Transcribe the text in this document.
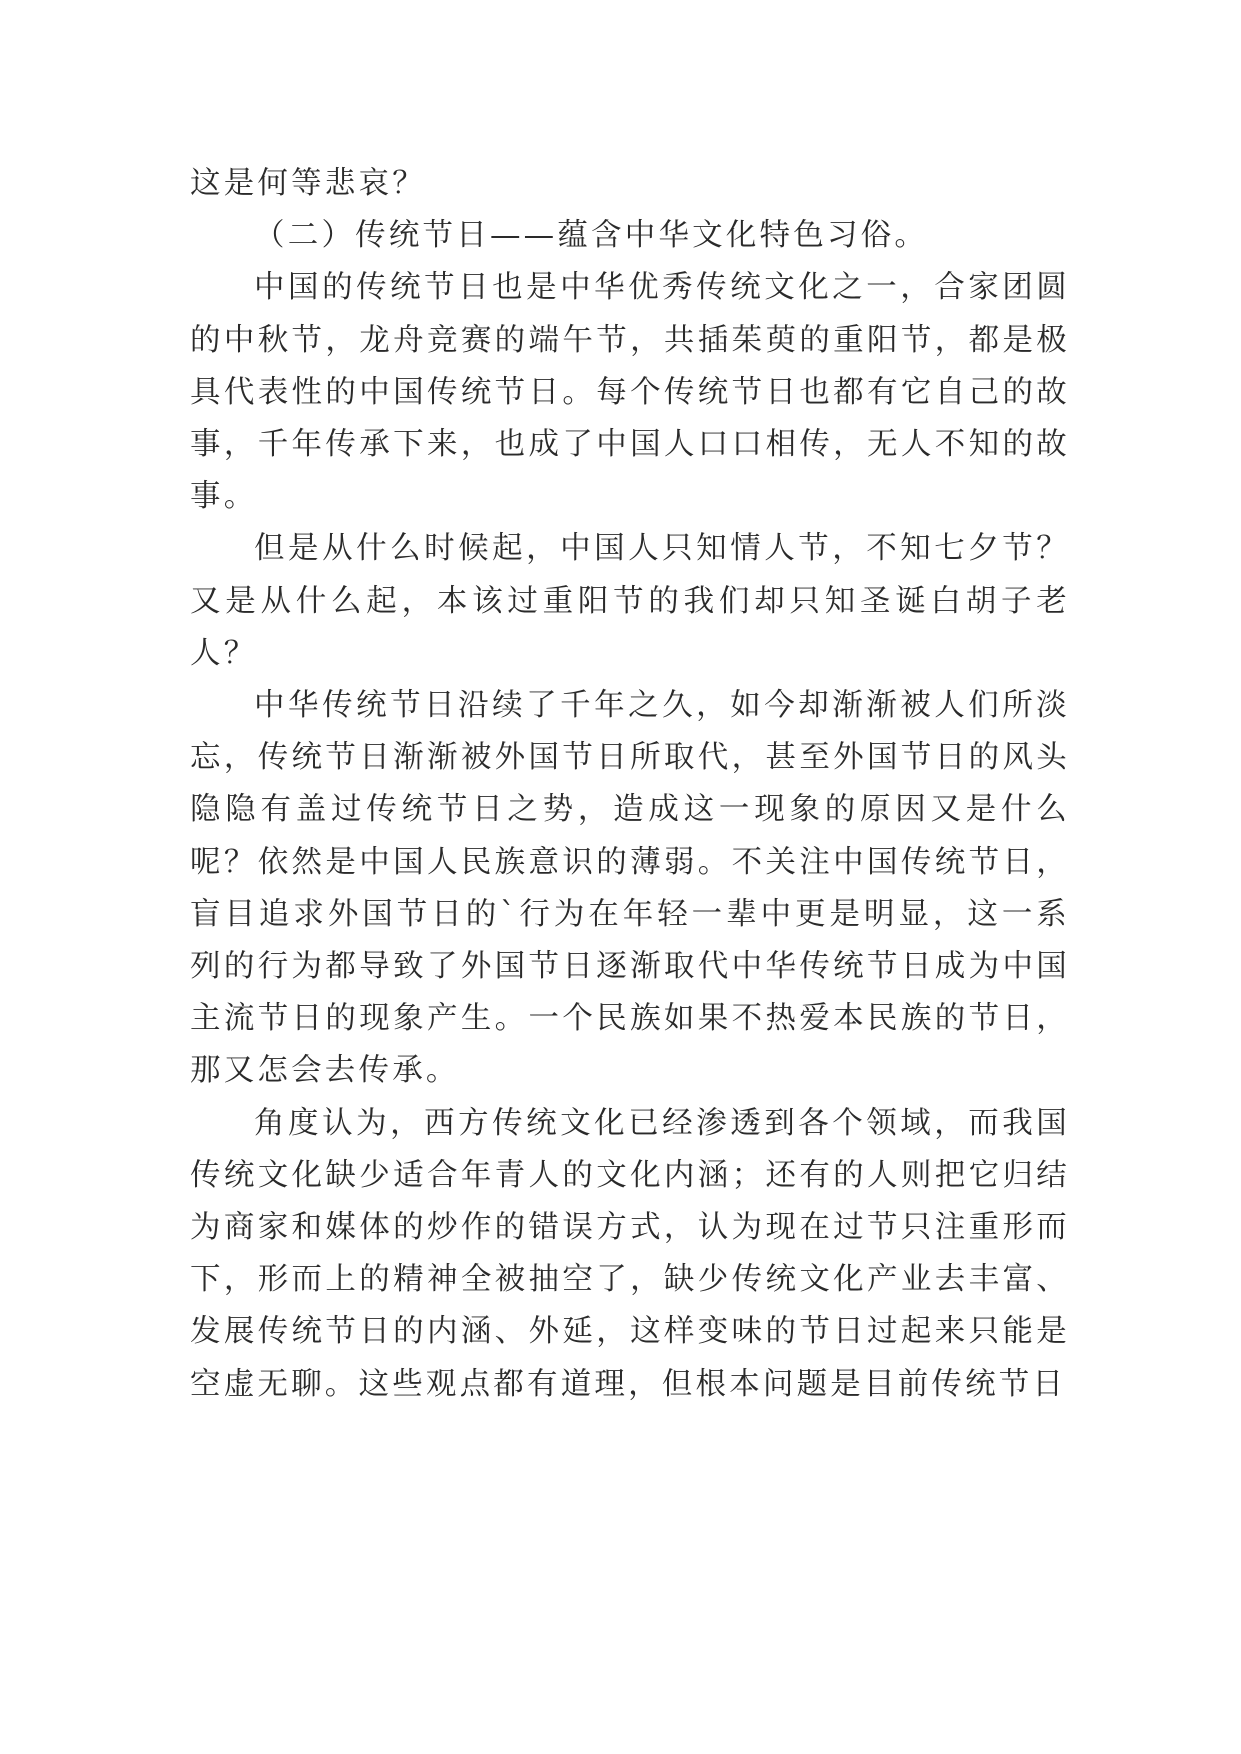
这是何等悲哀？

（二）传统节日——蕴含中华文化特色习俗。

中国的传统节日也是中华优秀传统文化之一，合家团圆的中秋节，龙舟竞赛的端午节，共插茱萸的重阳节，都是极具代表性的中国传统节日。每个传统节日也都有它自己的故事，千年传承下来，也成了中国人口口相传，无人不知的故事。

但是从什么时候起，中国人只知情人节，不知七夕节？又是从什么起，本该过重阳节的我们却只知圣诞白胡子老人？

中华传统节日沿续了千年之久，如今却渐渐被人们所淡忘，传统节日渐渐被外国节日所取代，甚至外国节日的风头隐隐有盖过传统节日之势，造成这一现象的原因又是什么呢？依然是中国人民族意识的薄弱。不关注中国传统节日，盲目追求外国节日的`行为在年轻一辈中更是明显，这一系列的行为都导致了外国节日逐渐取代中华传统节日成为中国主流节日的现象产生。一个民族如果不热爱本民族的节日，那又怎会去传承。

角度认为，西方传统文化已经渗透到各个领域，而我国传统文化缺少适合年青人的文化内涵；还有的人则把它归结为商家和媒体的炒作的错误方式，认为现在过节只注重形而下，形而上的精神全被抽空了，缺少传统文化产业去丰富、发展传统节日的内涵、外延，这样变味的节日过起来只能是空虚无聊。这些观点都有道理，但根本问题是目前传统节日
